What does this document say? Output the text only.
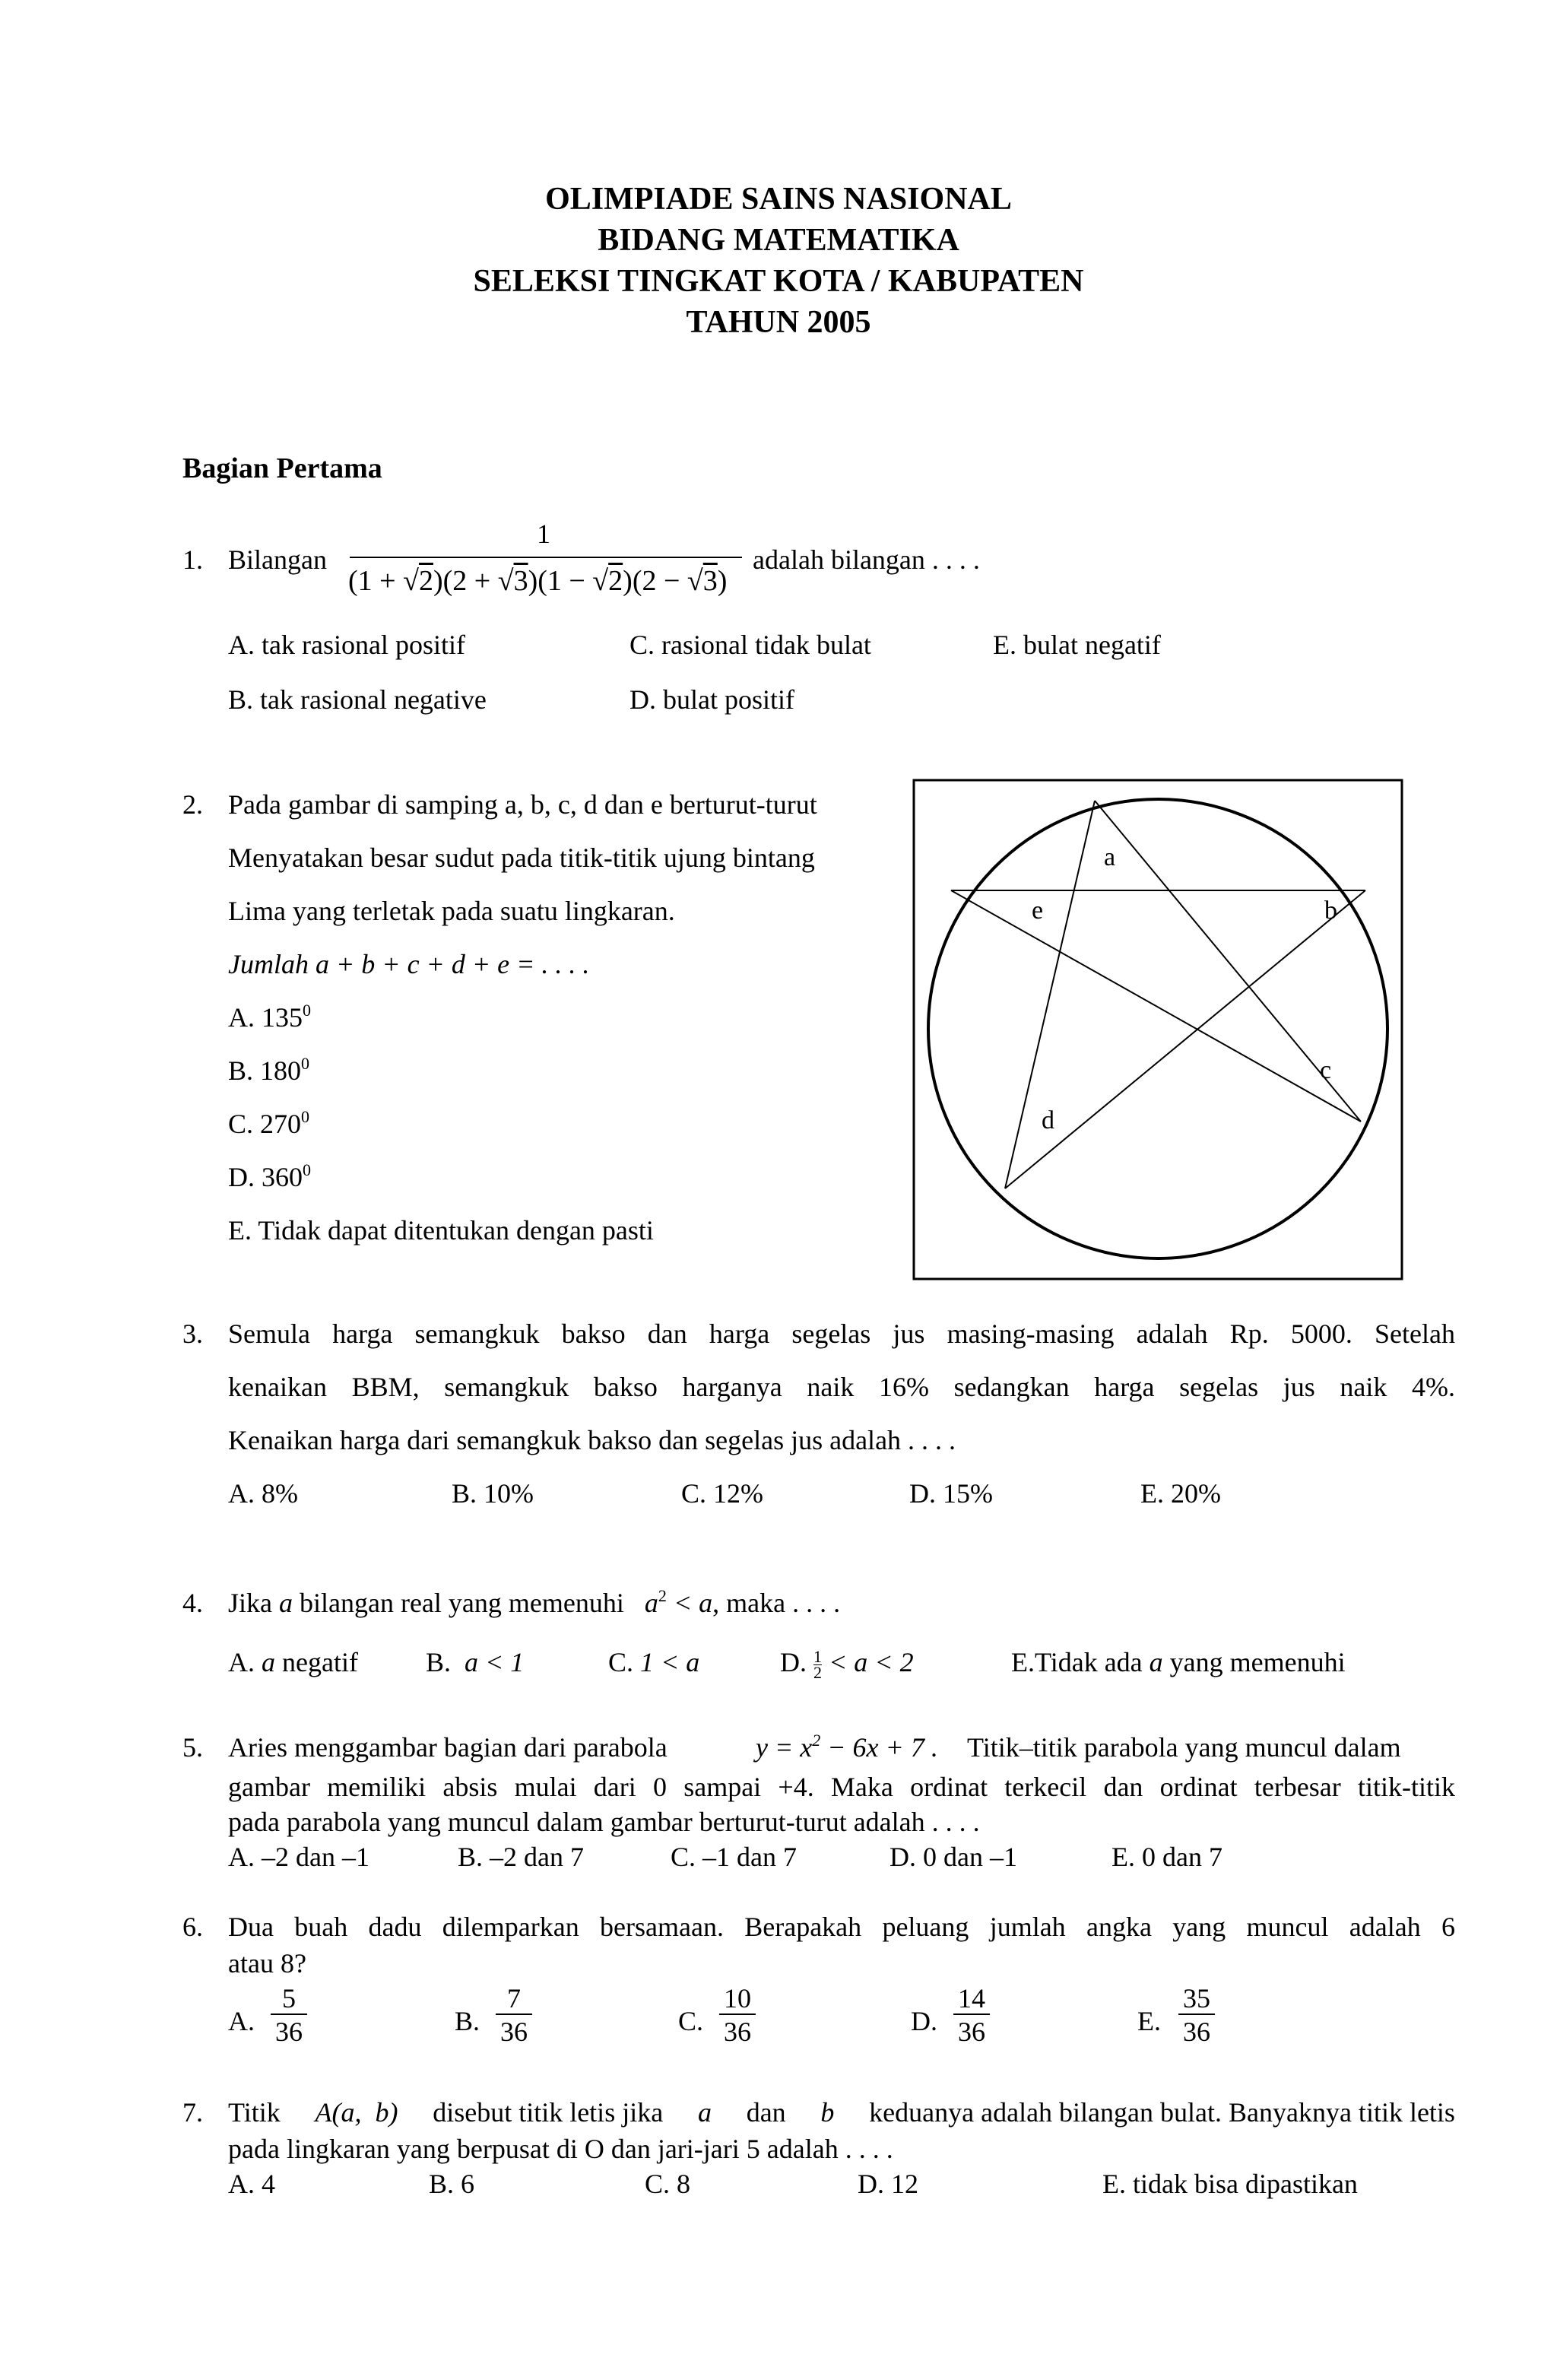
OLIMPIADE SAINS NASIONAL
BIDANG MATEMATIKA
SELEKSI TINGKAT KOTA / KABUPATEN
TAHUN 2005
Bagian Pertama
1. Bilangan
1
(1 + √2)(2 + √3)(1 − √2)(2 − √3)
adalah bilangan . . . .
A. tak rasional positif	C. rasional tidak bulat	E. bulat negatif
B. tak rasional negative	D. bulat positif
2. Pada gambar di samping a, b, c, d dan e berturut-turut
Menyatakan besar sudut pada titik-titik ujung bintang
Lima yang terletak pada suatu lingkaran.
Jumlah a + b + c + d + e = . . . .
A. $135^0$
B. $180^0$
C. $270^0$
D. $360^0$
E. Tidak dapat ditentukan dengan pasti
a
e	b
c
d
3. Semula harga semangkuk bakso dan harga segelas jus masing-masing adalah Rp. 5000. Setelah
kenaikan BBM, semangkuk bakso harganya naik 16% sedangkan harga segelas jus naik 4%.
Kenaikan harga dari semangkuk bakso dan segelas jus adalah . . . .
A. 8%	B. 10%	C. 12%	D. 15%	E. 20%
4. Jika a bilangan real yang memenuhi $a^2 < a$, maka . . . .
A. a negatif B. a < 1	C. 1 < a	D. $\frac{1}{2} < a < 2$	E.Tidak ada a yang memenuhi
5. Aries menggambar bagian dari parabola	$y = x^2 - 6x + 7$ . Titik–titik parabola yang muncul dalam
gambar memiliki absis mulai dari 0 sampai +4. Maka ordinat terkecil dan ordinat terbesar titik-titik
pada parabola yang muncul dalam gambar berturut-turut adalah . . . .
A. –2 dan –1	B. –2 dan 7	C. –1 dan 7	D. 0 dan –1	E. 0 dan 7
6. Dua buah dadu dilemparkan bersamaan. Berapakah peluang jumlah angka yang muncul adalah 6
atau 8?
A.
5
36	B.
7
36	C.
10
36	D.
14
36	E.
35
36
7. Titik A(a,  b) disebut titik letis jika a dan b keduanya adalah bilangan bulat. Banyaknya titik letis
pada lingkaran yang berpusat di O dan jari-jari 5 adalah . . . .
A. 4	B. 6	C. 8	D. 12	E. tidak bisa dipastikan
